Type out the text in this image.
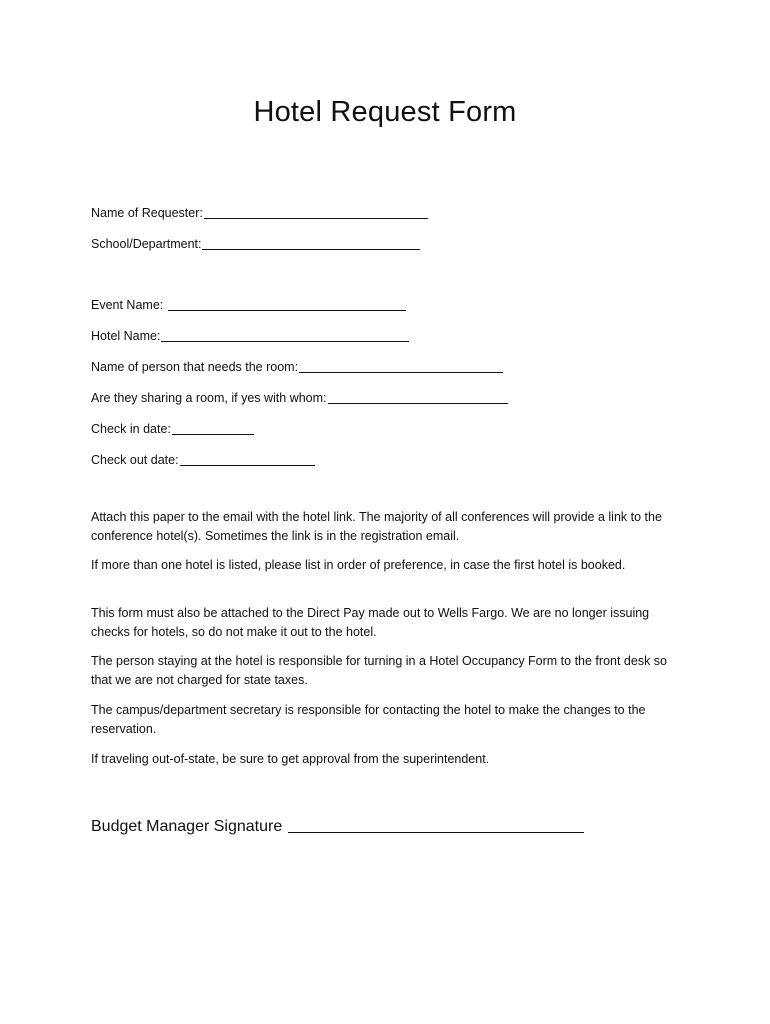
Hotel Request Form
Name of Requester:
School/Department:
Event Name:
Hotel Name:
Name of person that needs the room:
Are they sharing a room, if yes with whom:
Check in date:
Check out date:

Attach this paper to the email with the hotel link. The majority of all conferences will provide a link to the conference hotel(s). Sometimes the link is in the registration email.

If more than one hotel is listed, please list in order of preference, in case the first hotel is booked.

This form must also be attached to the Direct Pay made out to Wells Fargo. We are no longer issuing checks for hotels, so do not make it out to the hotel.

The person staying at the hotel is responsible for turning in a Hotel Occupancy Form to the front desk so that we are not charged for state taxes.

The campus/department secretary is responsible for contacting the hotel to make the changes to the reservation.

If traveling out-of-state, be sure to get approval from the superintendent.

Budget Manager Signature
